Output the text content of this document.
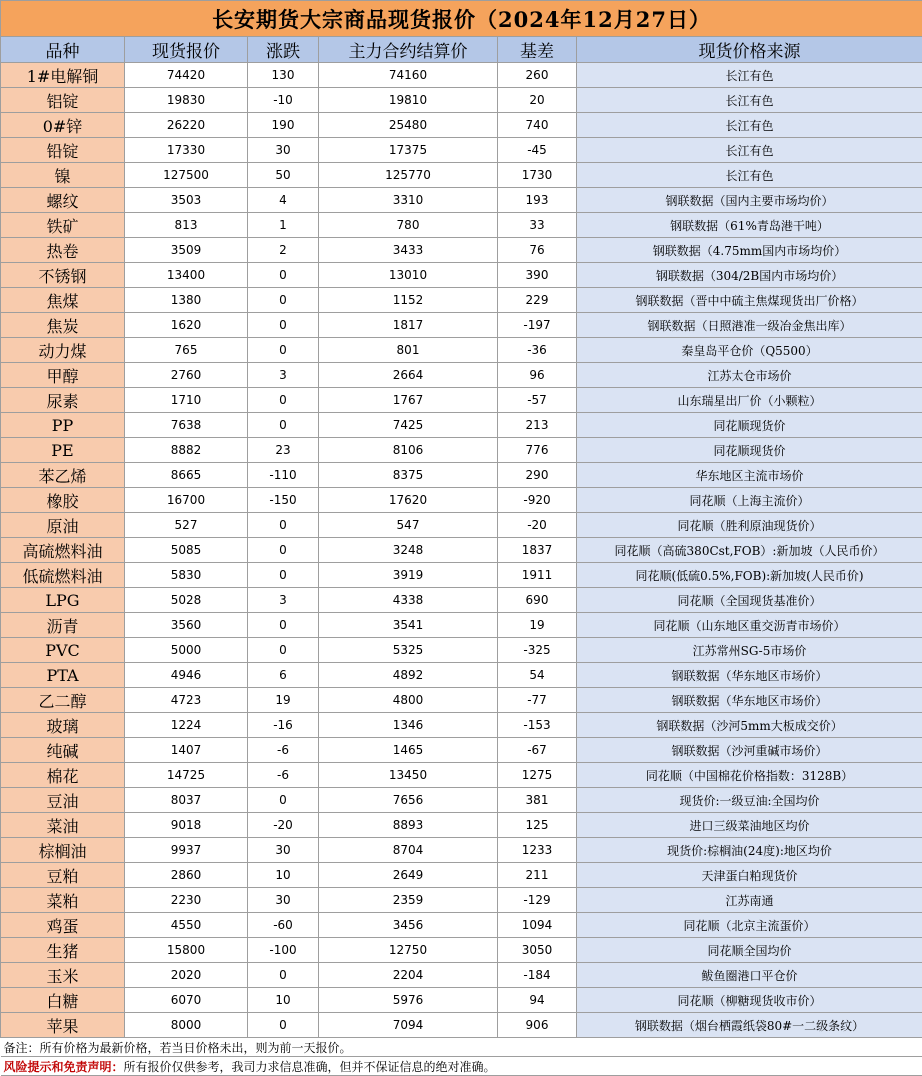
长安期货大宗商品现货报价（2024年12月27日）					
品种	现货报价	涨跌	主力合约结算价	基差	现货价格来源
1#电解铜	74420	130	74160	260	长江有色
铝锭	19830	-10	19810	20	长江有色
0#锌	26220	190	25480	740	长江有色
铅锭	17330	30	17375	-45	长江有色
镍	127500	50	125770	1730	长江有色
螺纹	3503	4	3310	193	钢联数据（国内主要市场均价）
铁矿	813	1	780	33	钢联数据（61%青岛港干吨）
热卷	3509	2	3433	76	钢联数据（4.75mm国内市场均价）
不锈钢	13400	0	13010	390	钢联数据（304/2B国内市场均价）
焦煤	1380	0	1152	229	钢联数据（晋中中硫主焦煤现货出厂价格）
焦炭	1620	0	1817	-197	钢联数据（日照港准一级冶金焦出库）
动力煤	765	0	801	-36	秦皇岛平仓价（Q5500）
甲醇	2760	3	2664	96	江苏太仓市场价
尿素	1710	0	1767	-57	山东瑞星出厂价（小颗粒）
PP	7638	0	7425	213	同花顺现货价
PE	8882	23	8106	776	同花顺现货价
苯乙烯	8665	-110	8375	290	华东地区主流市场价
橡胶	16700	-150	17620	-920	同花顺（上海主流价）
原油	527	0	547	-20	同花顺（胜利原油现货价）
高硫燃料油	5085	0	3248	1837	同花顺（高硫380Cst,FOB）:新加坡（人民币价）
低硫燃料油	5830	0	3919	1911	同花顺(低硫0.5%,FOB):新加坡(人民币价)
LPG	5028	3	4338	690	同花顺（全国现货基准价）
沥青	3560	0	3541	19	同花顺（山东地区重交沥青市场价）
PVC	5000	0	5325	-325	江苏常州SG-5市场价
PTA	4946	6	4892	54	钢联数据（华东地区市场价）
乙二醇	4723	19	4800	-77	钢联数据（华东地区市场价）
玻璃	1224	-16	1346	-153	钢联数据（沙河5mm大板成交价）
纯碱	1407	-6	1465	-67	钢联数据（沙河重碱市场价）
棉花	14725	-6	13450	1275	同花顺（中国棉花价格指数：3128B）
豆油	8037	0	7656	381	现货价:一级豆油:全国均价
菜油	9018	-20	8893	125	进口三级菜油地区均价
棕榈油	9937	30	8704	1233	现货价:棕榈油(24度):地区均价
豆粕	2860	10	2649	211	天津蛋白粕现货价
菜粕	2230	30	2359	-129	江苏南通
鸡蛋	4550	-60	3456	1094	同花顺（北京主流蛋价）
生猪	15800	-100	12750	3050	同花顺全国均价
玉米	2020	0	2204	-184	鲅鱼圈港口平仓价
白糖	6070	10	5976	94	同花顺（柳糖现货收市价）
苹果	8000	0	7094	906	钢联数据（烟台栖霞纸袋80#一二级条纹）
备注：所有价格为最新价格，若当日价格未出，则为前一天报价。					
风险提示和免责声明：所有报价仅供参考，我司力求信息准确，但并不保证信息的绝对准确。					
